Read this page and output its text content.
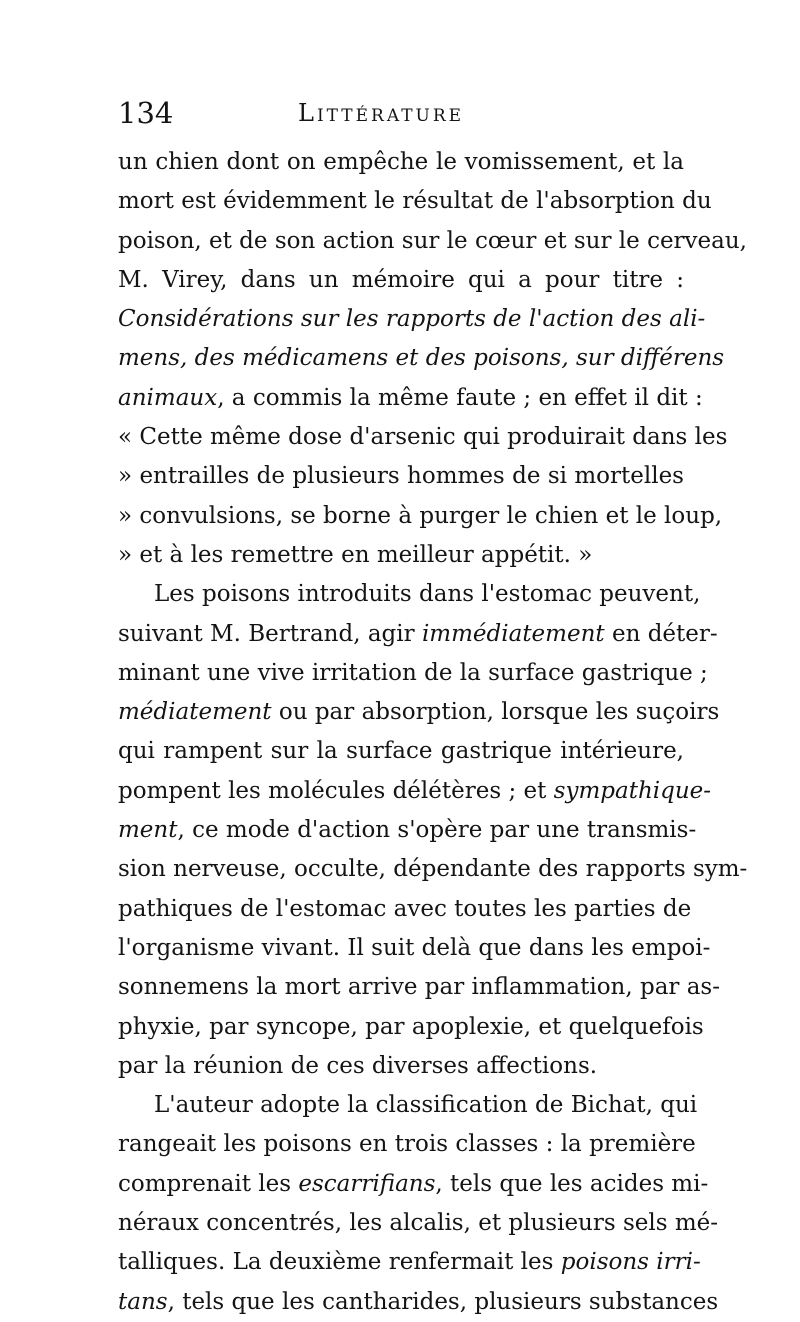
134	Littérature
un chien dont on empêche le vomissement, et la
mort est évidemment le résultat de l'absorption du
poison, et de son action sur le cœur et sur le cerveau,
M. Virey, dans un mémoire qui a pour titre :
Considérations sur les rapports de l'action des ali-
mens, des médicamens et des poisons, sur différens
animaux, a commis la même faute ; en effet il dit :
« Cette même dose d'arsenic qui produirait dans les
» entrailles de plusieurs hommes de si mortelles
» convulsions, se borne à purger le chien et le loup,
» et à les remettre en meilleur appétit. »
Les poisons introduits dans l'estomac peuvent,
suivant M. Bertrand, agir immédiatement en déter-
minant une vive irritation de la surface gastrique ;
médiatement ou par absorption, lorsque les suçoirs
qui rampent sur la surface gastrique intérieure,
pompent les molécules délétères ; et sympathique-
ment, ce mode d'action s'opère par une transmis-
sion nerveuse, occulte, dépendante des rapports sym-
pathiques de l'estomac avec toutes les parties de
l'organisme vivant. Il suit delà que dans les empoi-
sonnemens la mort arrive par inflammation, par as-
phyxie, par syncope, par apoplexie, et quelquefois
par la réunion de ces diverses affections.
L'auteur adopte la classification de Bichat, qui
rangeait les poisons en trois classes : la première
comprenait les escarrifians, tels que les acides mi-
néraux concentrés, les alcalis, et plusieurs sels mé-
talliques. La deuxième renfermait les poisons irri-
tans, tels que les cantharides, plusieurs substances
